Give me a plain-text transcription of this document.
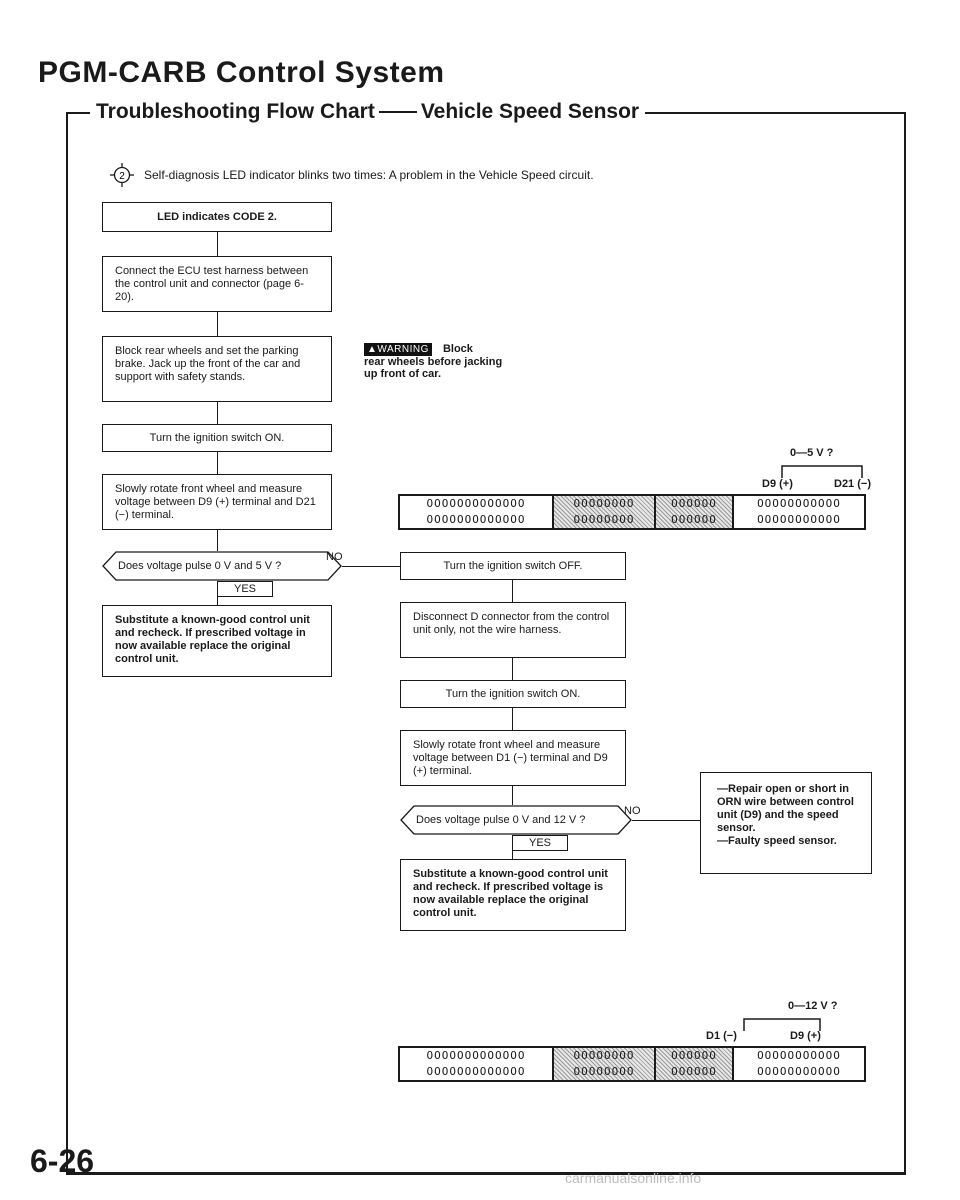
PGM-CARB Control System
Troubleshooting Flow Chart Vehicle Speed Sensor
2 Self-diagnosis LED indicator blinks two times: A problem in the Vehicle Speed circuit.
LED indicates CODE 2.
Connect the ECU test harness between the control unit and connector (page 6-20).
Block rear wheels and set the parking brake. Jack up the front of the car and support with safety stands.
Turn the ignition switch ON.
Slowly rotate front wheel and measure voltage between D9 (+) terminal and D21 (−) terminal.
Does voltage pulse 0 V and 5 V ?
NO
YES
Substitute a known-good control unit and recheck. If prescribed voltage in now available replace the original control unit.
▲WARNING Block
rear wheels before jacking up front of car.
0—5 V ?
D9 (+)	D21 (−)
OOOOOOOOOOOOO
OOOOOOOOOOOOO
OOOOOOOO
OOOOOOOO
OOOOOO
OOOOOO
OOOOOOOOOOO
OOOOOOOOOOO
Turn the ignition switch OFF.
Disconnect D connector from the control unit only, not the wire harness.
Turn the ignition switch ON.
Slowly rotate front wheel and measure voltage between D1 (−) terminal and D9 (+) terminal.
Does voltage pulse 0 V and 12 V ?
NO
YES
Substitute a known-good control unit and recheck. If prescribed voltage is now available replace the original control unit.
—Repair open or short in ORN wire between control unit (D9) and the speed sensor.
—Faulty speed sensor.
0—12 V ?
D1 (−)	D9 (+)
OOOOOOOOOOOOO
OOOOOOOOOOOOO
OOOOOOOO
OOOOOOOO
OOOOOO
OOOOOO
OOOOOOOOOOO
OOOOOOOOOOO
6-26	carmanualsonline.info
